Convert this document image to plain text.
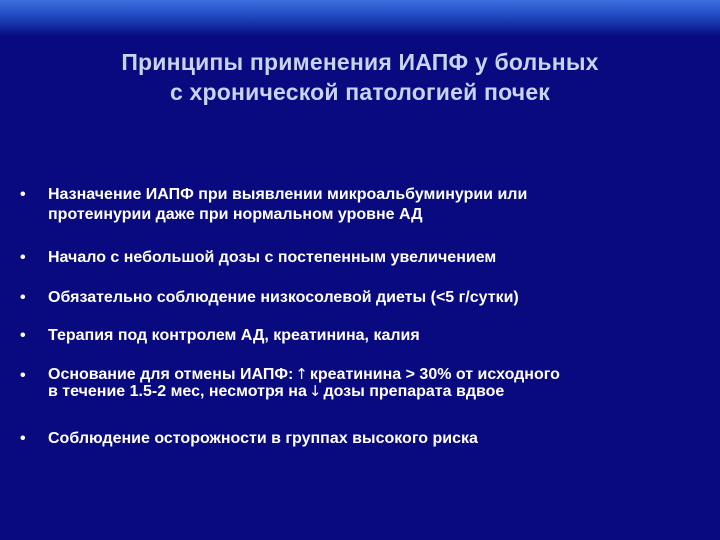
Принципы применения ИАПФ у больных
с хронической патологией почек
•	Назначение ИАПФ при выявлении микроальбуминурии или
протеинурии даже при нормальном уровне АД
•	Начало с небольшой дозы с постепенным увеличением
•	Обязательно соблюдение низкосолевой диеты (<5 г/сутки)
•	Терапия под контролем АД, креатинина, калия
•	Основание для отмены ИАПФ: ↑ креатинина > 30% от исходного
в течение 1.5-2 мес, несмотря на ↓ дозы препарата вдвое
•	Соблюдение осторожности в группах высокого риска
